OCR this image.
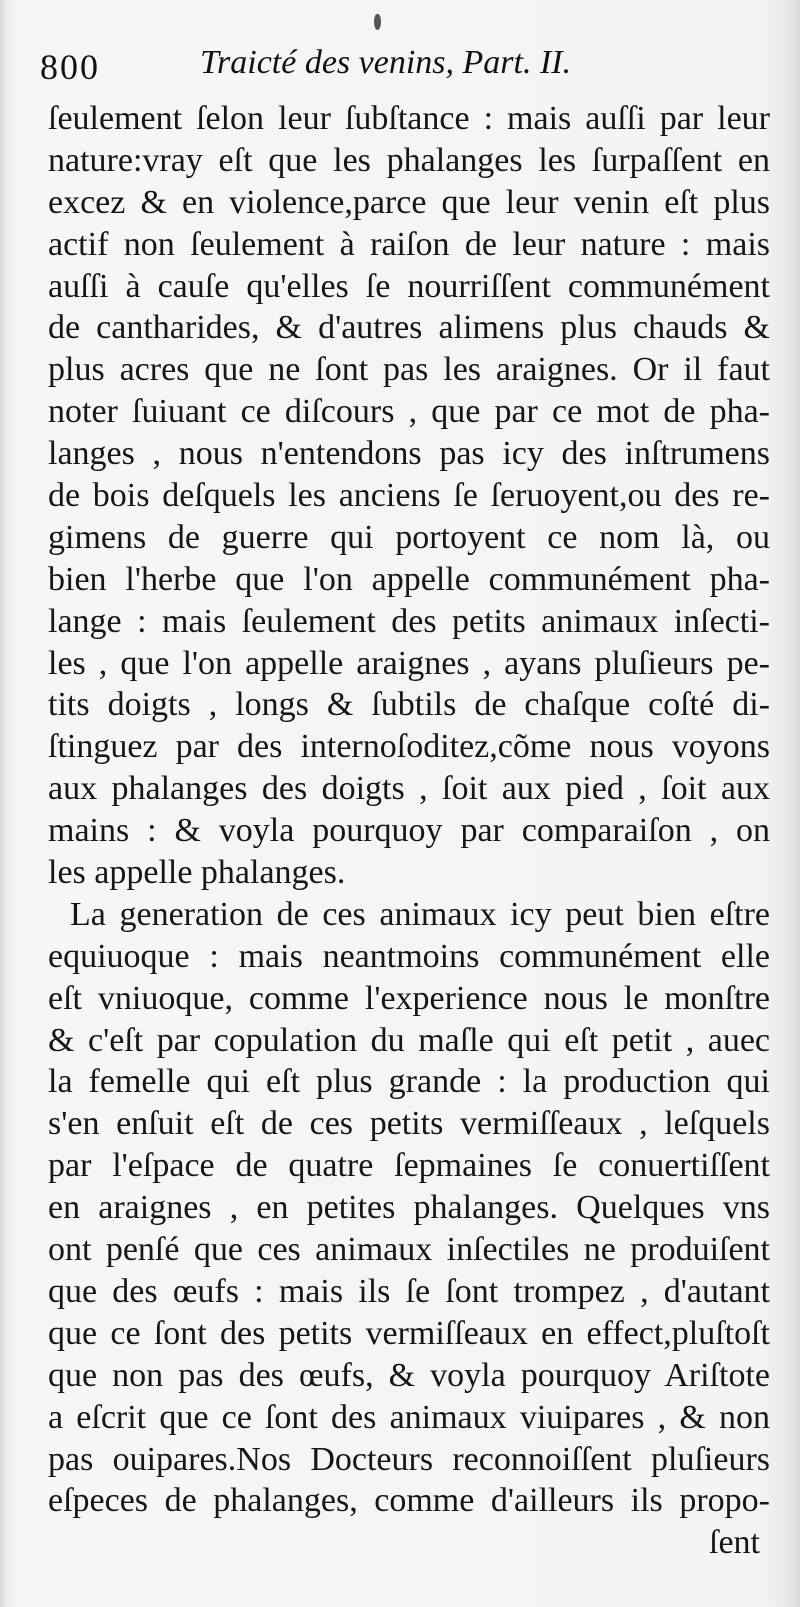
800	Traicté des venins, Part. II.
ſeulement ſelon leur ſubſtance : mais auſſi par leur
nature:vray eſt que les phalanges les ſurpaſſent en
excez & en violence,parce que leur venin eſt plus
actif non ſeulement à raiſon de leur nature : mais
auſſi à cauſe qu'elles ſe nourriſſent communément
de cantharides, & d'autres alimens plus chauds &
plus acres que ne ſont pas les araignes. Or il faut
noter ſuiuant ce diſcours , que par ce mot de pha-
langes , nous n'entendons pas icy des inſtrumens
de bois deſquels les anciens ſe ſeruoyent,ou des re-
gimens de guerre qui portoyent ce nom là, ou
bien l'herbe que l'on appelle communément pha-
lange : mais ſeulement des petits animaux inſecti-
les , que l'on appelle araignes , ayans pluſieurs pe-
tits doigts , longs & ſubtils de chaſque coſté di-
ſtinguez par des internoſoditez,cõme nous voyons
aux phalanges des doigts , ſoit aux pied , ſoit aux
mains : & voyla pourquoy par comparaiſon , on
les appelle phalanges.
La generation de ces animaux icy peut bien eſtre
equiuoque : mais neantmoins communément elle
eſt vniuoque, comme l'experience nous le monſtre
& c'eſt par copulation du maſle qui eſt petit , auec
la femelle qui eſt plus grande : la production qui
s'en enſuit eſt de ces petits vermiſſeaux , leſquels
par l'eſpace de quatre ſepmaines ſe conuertiſſent
en araignes , en petites phalanges. Quelques vns
ont penſé que ces animaux inſectiles ne produiſent
que des œufs : mais ils ſe ſont trompez , d'autant
que ce ſont des petits vermiſſeaux en effect,pluſtoſt
que non pas des œufs, & voyla pourquoy Ariſtote
a eſcrit que ce ſont des animaux viuipares , & non
pas ouipares.Nos Docteurs reconnoiſſent pluſieurs
eſpeces de phalanges, comme d'ailleurs ils propo-
ſent
